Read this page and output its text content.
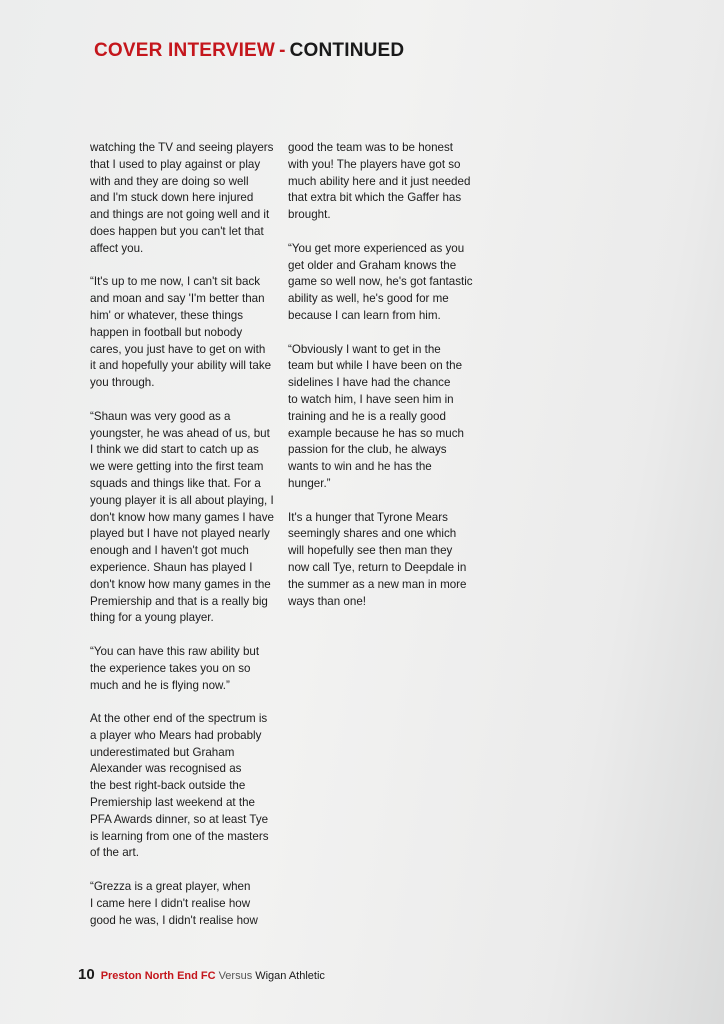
COVER INTERVIEW - CONTINUED

watching the TV and seeing players
that I used to play against or play
with and they are doing so well
and I'm stuck down here injured
and things are not going well and it
does happen but you can't let that
affect you.

“It's up to me now, I can't sit back
and moan and say 'I'm better than
him' or whatever, these things
happen in football but nobody
cares, you just have to get on with
it and hopefully your ability will take
you through.

“Shaun was very good as a
youngster, he was ahead of us, but
I think we did start to catch up as
we were getting into the first team
squads and things like that. For a
young player it is all about playing, I
don't know how many games I have
played but I have not played nearly
enough and I haven't got much
experience. Shaun has played I
don't know how many games in the
Premiership and that is a really big
thing for a young player.

“You can have this raw ability but
the experience takes you on so
much and he is flying now.”

At the other end of the spectrum is
a player who Mears had probably
underestimated but Graham
Alexander was recognised as
the best right-back outside the
Premiership last weekend at the
PFA Awards dinner, so at least Tye
is learning from one of the masters
of the art.

“Grezza is a great player, when
I came here I didn't realise how
good he was, I didn't realise how

good the team was to be honest
with you! The players have got so
much ability here and it just needed
that extra bit which the Gaffer has
brought.

“You get more experienced as you
get older and Graham knows the
game so well now, he's got fantastic
ability as well, he's good for me
because I can learn from him.

“Obviously I want to get in the
team but while I have been on the
sidelines I have had the chance
to watch him, I have seen him in
training and he is a really good
example because he has so much
passion for the club, he always
wants to win and he has the
hunger.”

It's a hunger that Tyrone Mears
seemingly shares and one which
will hopefully see then man they
now call Tye, return to Deepdale in
the summer as a new man in more
ways than one!

10 Preston North End FC Versus Wigan Athletic
